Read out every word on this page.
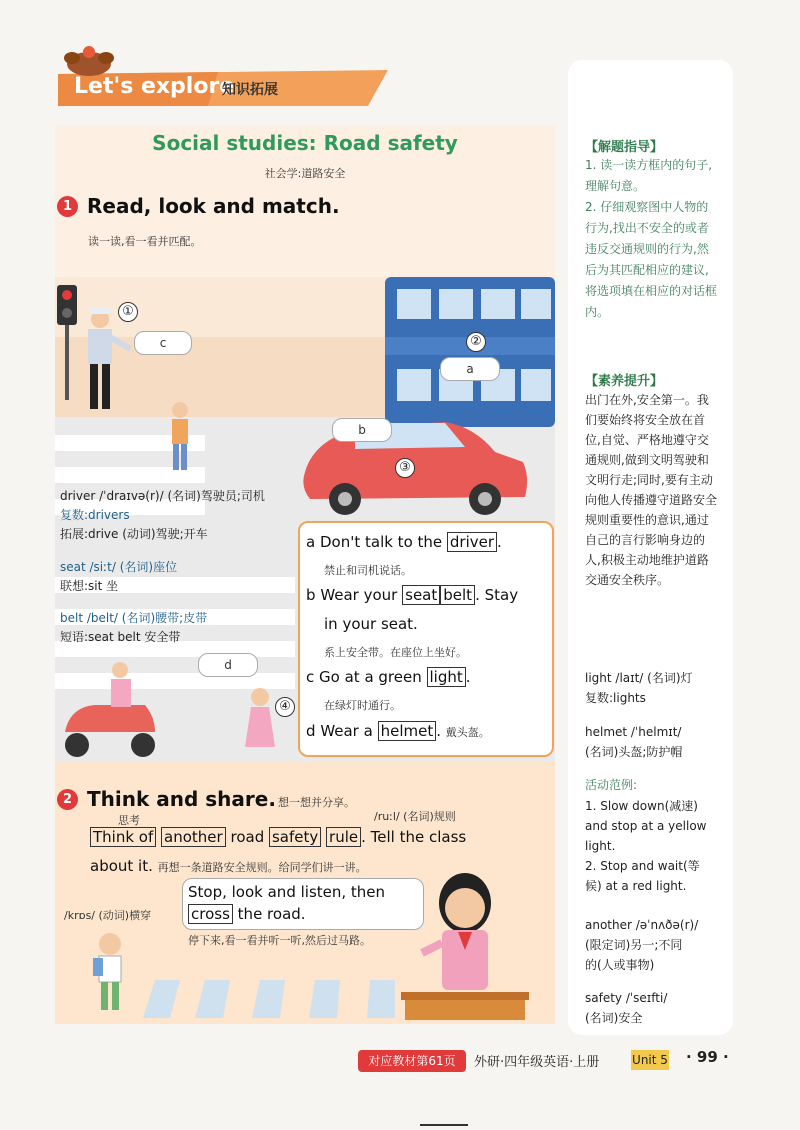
Let's explore
知识拓展
Social studies: Road safety
社会学:道路安全
1 Read, look and match.
读一读,看一看并匹配。
c
a
b
d
①
②
③
④
driver /ˈdraɪvə(r)/ (名词)驾驶员;司机
复数:drivers
拓展:drive (动词)驾驶;开车
seat /siːt/ (名词)座位
联想:sit 坐
belt /belt/ (名词)腰带;皮带
短语:seat belt 安全带
a Don't talk to the driver .
禁止和司机说话。
b Wear your seat belt . Stay
in your seat.
系上安全带。在座位上坐好。
c Go at a green light .
在绿灯时通行。
d Wear a helmet . 戴头盔。
2 Think and share. 想一想并分享。
思考	/ruːl/ (名词)规则
Think of another road safety rule . Tell the class
about it. 再想一条道路安全规则。给同学们讲一讲。
Stop, look and listen, then
cross the road.
停下来,看一看并听一听,然后过马路。
/krɒs/ (动词)横穿
【解题指导】
1. 读一读方框内的句子,理解句意。
2. 仔细观察图中人物的行为,找出不安全的或者违反交通规则的行为,然后为其匹配相应的建议,将选项填在相应的对话框内。
【素养提升】
出门在外,安全第一。我们要始终将安全放在首位,自觉、严格地遵守交通规则,做到文明驾驶和文明行走;同时,要有主动向他人传播遵守道路安全规则重要性的意识,通过自己的言行影响身边的人,积极主动地维护道路交通安全秩序。
light /laɪt/ (名词)灯
复数:lights
helmet /ˈhelmɪt/
(名词)头盔;防护帽
活动范例:
1. Slow down(减速)
and stop at a yellow
light.
2. Stop and wait(等
候) at a red light.
another /əˈnʌðə(r)/
(限定词)另一;不同
的(人或事物)
safety /ˈseɪfti/
(名词)安全
对应教材第61页	外研·四年级英语·上册	Unit 5 · 99 ·
